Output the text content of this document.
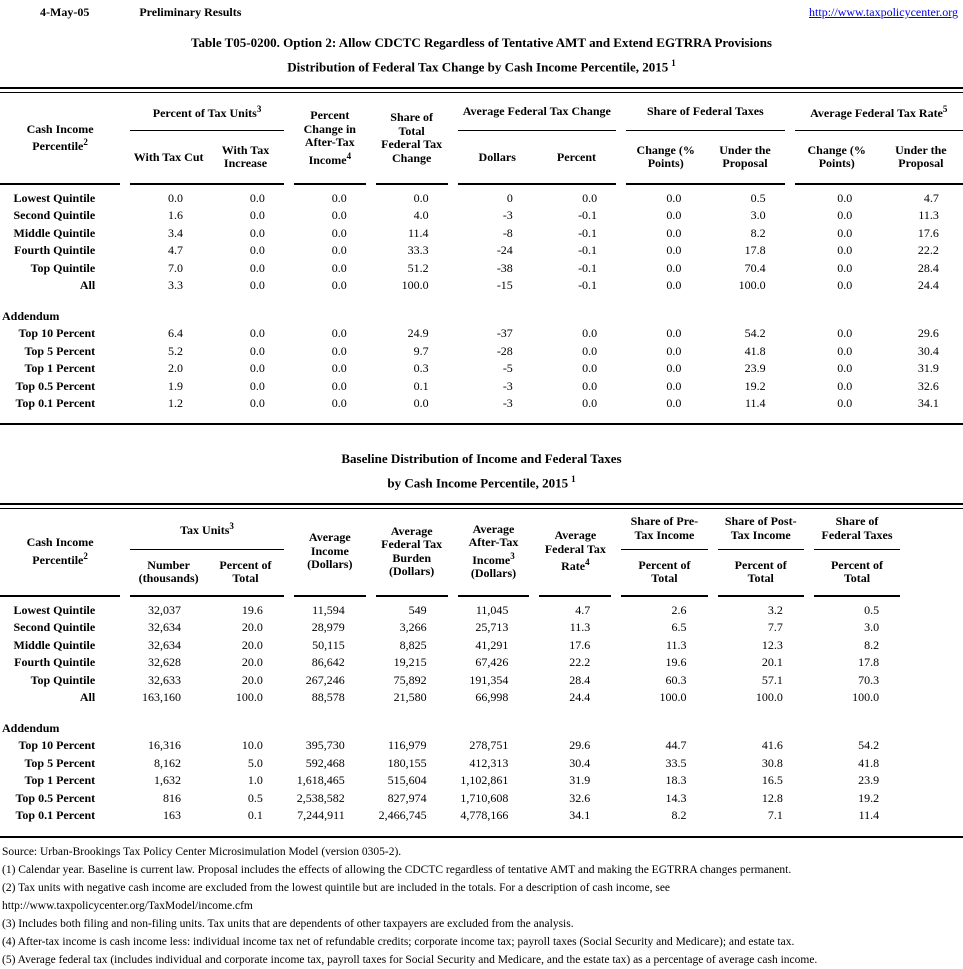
4-May-05	Preliminary Results	http://www.taxpolicycenter.org
Table T05-0200. Option 2: Allow CDCTC Regardless of Tentative AMT and Extend EGTRRA Provisions
Distribution of Federal Tax Change by Cash Income Percentile, 2015 $^1$
Cash Income Percentile$^2$
Percent of Tax Units$^3$
With Tax Cut	With Tax Increase
Percent Change in After-Tax Income$^4$
Share of Total Federal Tax Change
Average Federal Tax Change
Dollars	Percent
Share of Federal Taxes
Change (% Points)
Under the Proposal
Average Federal Tax Rate$^5$
Change (% Points)
Under the Proposal
Lowest Quintile	0.0	0.0	0.0	0.0	0	0.0	0.0	0.5	0.0	4.7
Second Quintile	1.6	0.0	0.0	4.0	-3	-0.1	0.0	3.0	0.0	11.3
Middle Quintile	3.4	0.0	0.0	11.4	-8	-0.1	0.0	8.2	0.0	17.6
Fourth Quintile	4.7	0.0	0.0	33.3	-24	-0.1	0.0	17.8	0.0	22.2
Top Quintile	7.0	0.0	0.0	51.2	-38	-0.1	0.0	70.4	0.0	28.4
All	3.3	0.0	0.0	100.0	-15	-0.1	0.0	100.0	0.0	24.4
Addendum
Top 10 Percent	6.4	0.0	0.0	24.9	-37	0.0	0.0	54.2	0.0	29.6
Top 5 Percent	5.2	0.0	0.0	9.7	-28	0.0	0.0	41.8	0.0	30.4
Top 1 Percent	2.0	0.0	0.0	0.3	-5	0.0	0.0	23.9	0.0	31.9
Top 0.5 Percent	1.9	0.0	0.0	0.1	-3	0.0	0.0	19.2	0.0	32.6
Top 0.1 Percent	1.2	0.0	0.0	0.0	-3	0.0	0.0	11.4	0.0	34.1
Baseline Distribution of Income and Federal Taxes
by Cash Income Percentile, 2015 $^1$
Cash Income Percentile$^2$
Tax Units$^3$
Number (thousands)
Percent of Total
Average Income (Dollars)
Average Federal Tax Burden (Dollars)
Average After-Tax Income$^3$ (Dollars)
Average Federal Tax Rate$^4$
Share of Pre-Tax Income
Percent of Total
Share of Post-Tax Income
Percent of Total
Share of Federal Taxes
Percent of Total
Lowest Quintile	32,037	19.6	11,594	549	11,045	4.7	2.6	3.2	0.5
Second Quintile	32,634	20.0	28,979	3,266	25,713	11.3	6.5	7.7	3.0
Middle Quintile	32,634	20.0	50,115	8,825	41,291	17.6	11.3	12.3	8.2
Fourth Quintile	32,628	20.0	86,642	19,215	67,426	22.2	19.6	20.1	17.8
Top Quintile	32,633	20.0	267,246	75,892	191,354	28.4	60.3	57.1	70.3
All	163,160	100.0	88,578	21,580	66,998	24.4	100.0	100.0	100.0
Addendum
Top 10 Percent	16,316	10.0	395,730	116,979	278,751	29.6	44.7	41.6	54.2
Top 5 Percent	8,162	5.0	592,468	180,155	412,313	30.4	33.5	30.8	41.8
Top 1 Percent	1,632	1.0	1,618,465	515,604	1,102,861	31.9	18.3	16.5	23.9
Top 0.5 Percent	816	0.5	2,538,582	827,974	1,710,608	32.6	14.3	12.8	19.2
Top 0.1 Percent	163	0.1	7,244,911	2,466,745	4,778,166	34.1	8.2	7.1	11.4
Source: Urban-Brookings Tax Policy Center Microsimulation Model (version 0305-2).
(1) Calendar year. Baseline is current law. Proposal includes the effects of allowing the CDCTC regardless of tentative AMT and making the EGTRRA changes permanent.
(2) Tax units with negative cash income are excluded from the lowest quintile but are included in the totals. For a description of cash income, see
http://www.taxpolicycenter.org/TaxModel/income.cfm
(3) Includes both filing and non-filing units. Tax units that are dependents of other taxpayers are excluded from the analysis.
(4) After-tax income is cash income less: individual income tax net of refundable credits; corporate income tax; payroll taxes (Social Security and Medicare); and estate tax.
(5) Average federal tax (includes individual and corporate income tax, payroll taxes for Social Security and Medicare, and the estate tax) as a percentage of average cash income.
